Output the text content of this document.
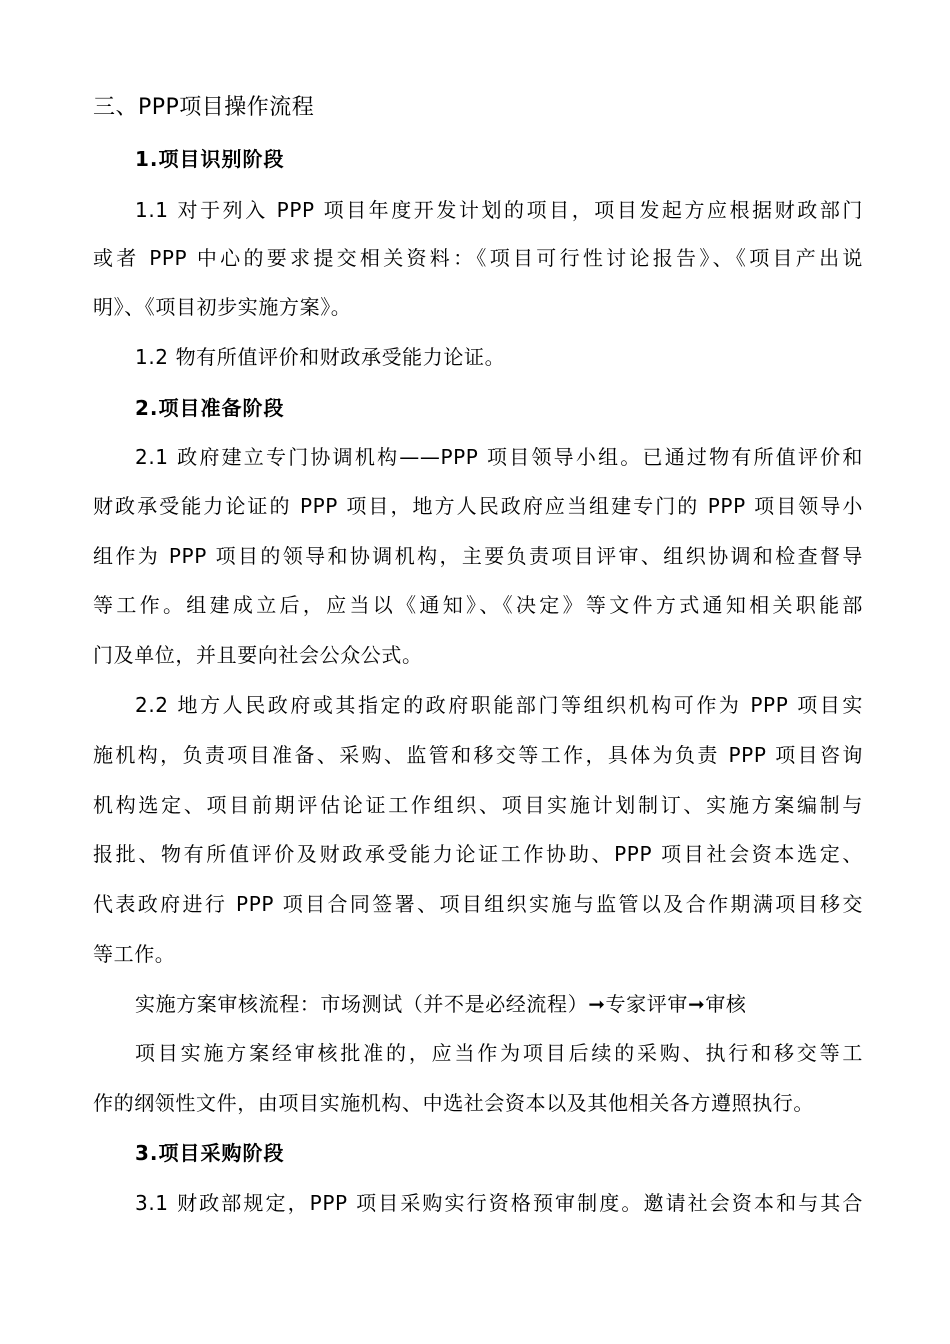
三、PPP项目操作流程
1.项目识别阶段
1.1 对于列入 PPP 项目年度开发计划的项目，项目发起方应根据财政部门
或者 PPP 中心的要求提交相关资料：《项目可行性讨论报告》、《项目产出说
明》、《项目初步实施方案》。
1.2 物有所值评价和财政承受能力论证。
2.项目准备阶段
2.1 政府建立专门协调机构——PPP 项目领导小组。已通过物有所值评价和
财政承受能力论证的 PPP 项目，地方人民政府应当组建专门的 PPP 项目领导小
组作为 PPP 项目的领导和协调机构，主要负责项目评审、组织协调和检查督导
等工作。组建成立后，应当以《通知》、《决定》等文件方式通知相关职能部
门及单位，并且要向社会公众公式。
2.2 地方人民政府或其指定的政府职能部门等组织机构可作为 PPP 项目实
施机构，负责项目准备、采购、监管和移交等工作，具体为负责 PPP 项目咨询
机构选定、项目前期评估论证工作组织、项目实施计划制订、实施方案编制与
报批、物有所值评价及财政承受能力论证工作协助、PPP 项目社会资本选定、
代表政府进行 PPP 项目合同签署、项目组织实施与监管以及合作期满项目移交
等工作。
实施方案审核流程：市场测试（并不是必经流程）➞专家评审➞审核
项目实施方案经审核批准的，应当作为项目后续的采购、执行和移交等工
作的纲领性文件，由项目实施机构、中选社会资本以及其他相关各方遵照执行。
3.项目采购阶段
3.1 财政部规定，PPP 项目采购实行资格预审制度。邀请社会资本和与其合
